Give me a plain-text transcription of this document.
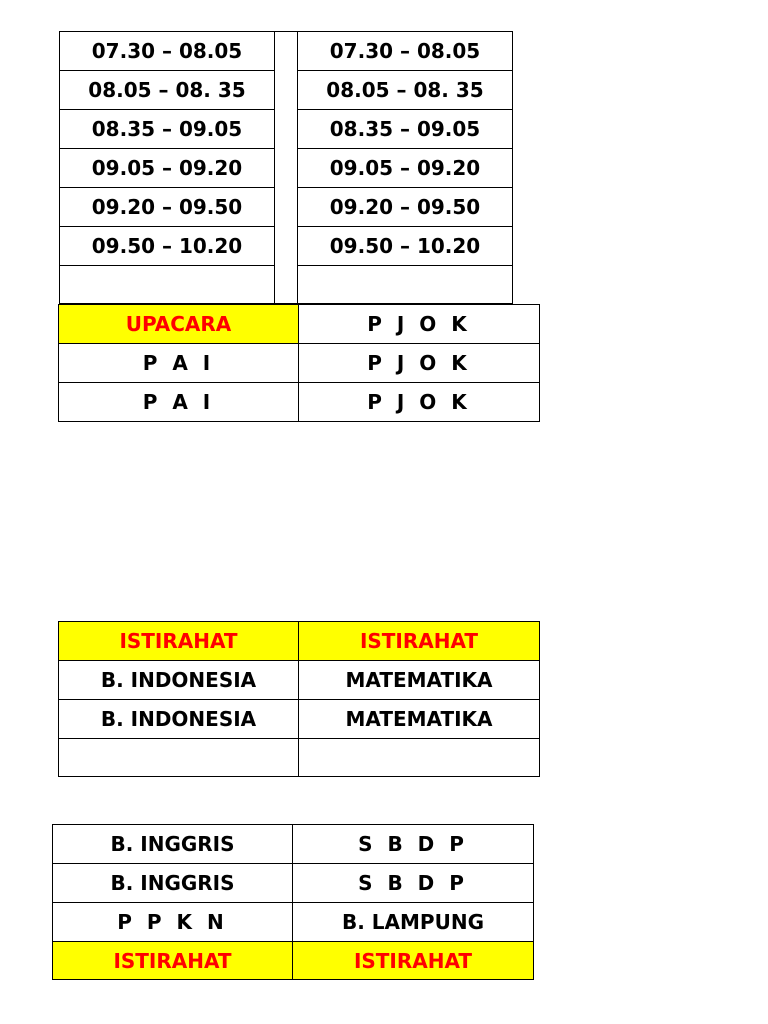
07.30 – 08.05		07.30 – 08.05
08.05 – 08. 35		08.05 – 08. 35
08.35 – 09.05		08.35 – 09.05
09.05 – 09.20		09.05 – 09.20
09.20 – 09.50		09.20 – 09.50
09.50 – 10.20		09.50 – 10.20

UPACARA	P J O K
P A I	P J O K
P A I	P J O K
ISTIRAHAT	ISTIRAHAT
B. INDONESIA	MATEMATIKA
B. INDONESIA	MATEMATIKA

B. INGGRIS	S B D P
B. INGGRIS	S B D P
P P K N	B. LAMPUNG
ISTIRAHAT	ISTIRAHAT
